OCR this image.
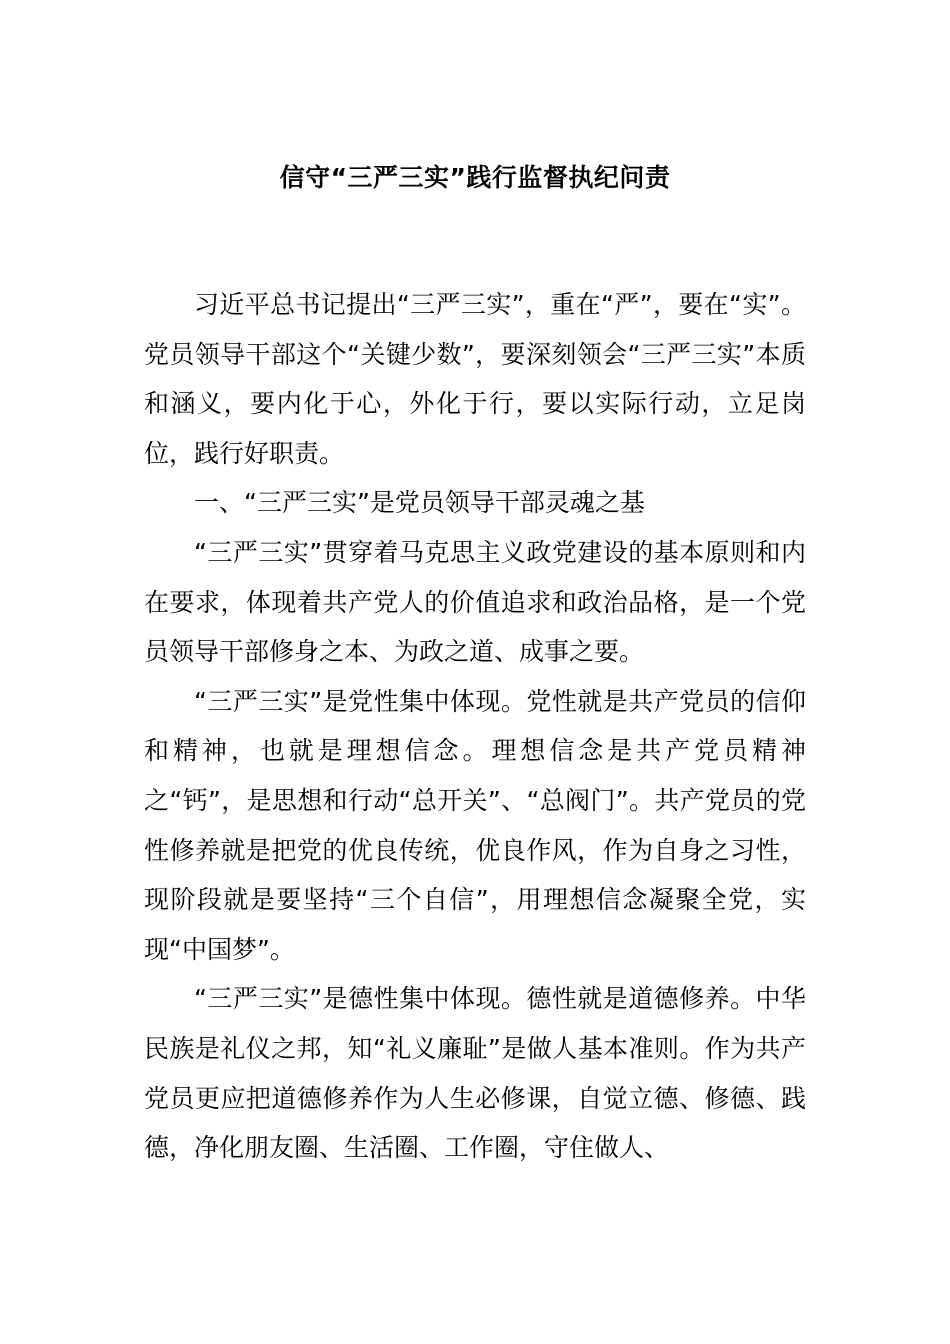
信守“三严三实”践行监督执纪问责

习近平总书记提出“三严三实”，重在“严”，要在“实”。党员领导干部这个“关键少数”，要深刻领会“三严三实”本质和涵义，要内化于心，外化于行，要以实际行动，立足岗位，践行好职责。

一、“三严三实”是党员领导干部灵魂之基

“三严三实”贯穿着马克思主义政党建设的基本原则和内在要求，体现着共产党人的价值追求和政治品格，是一个党员领导干部修身之本、为政之道、成事之要。

“三严三实”是党性集中体现。党性就是共产党员的信仰和精神，也就是理想信念。理想信念是共产党员精神之“钙”，是思想和行动“总开关”、“总阀门”。共产党员的党性修养就是把党的优良传统，优良作风，作为自身之习性，现阶段就是要坚持“三个自信”，用理想信念凝聚全党，实现“中国梦”。

“三严三实”是德性集中体现。德性就是道德修养。中华民族是礼仪之邦，知“礼义廉耻”是做人基本准则。作为共产党员更应把道德修养作为人生必修课，自觉立德、修德、践德，净化朋友圈、生活圈、工作圈，守住做人、
